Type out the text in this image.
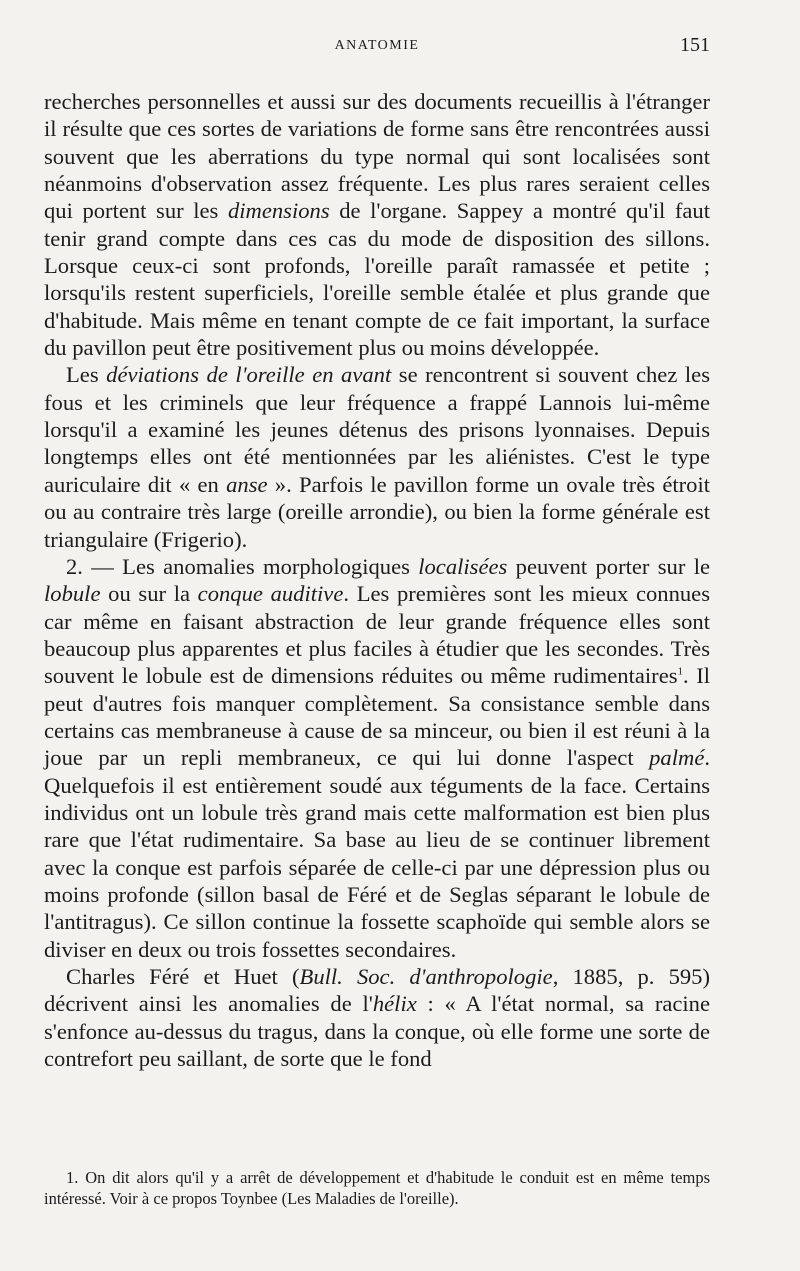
ANATOMIE	151

recherches personnelles et aussi sur des documents recueillis à l'étranger il résulte que ces sortes de variations de forme sans être rencontrées aussi souvent que les aberrations du type normal qui sont localisées sont néanmoins d'observation assez fréquente. Les plus rares seraient celles qui portent sur les dimensions de l'organe. Sappey a montré qu'il faut tenir grand compte dans ces cas du mode de disposition des sillons. Lorsque ceux-ci sont profonds, l'oreille paraît ramassée et petite ; lorsqu'ils restent superficiels, l'oreille semble étalée et plus grande que d'habitude. Mais même en tenant compte de ce fait important, la surface du pavillon peut être positivement plus ou moins développée.

Les déviations de l'oreille en avant se rencontrent si souvent chez les fous et les criminels que leur fréquence a frappé Lannois lui-même lorsqu'il a examiné les jeunes détenus des prisons lyonnaises. Depuis longtemps elles ont été mentionnées par les aliénistes. C'est le type auriculaire dit « en anse ». Parfois le pavillon forme un ovale très étroit ou au contraire très large (oreille arrondie), ou bien la forme générale est triangulaire (Frigerio).

2. — Les anomalies morphologiques localisées peuvent porter sur le lobule ou sur la conque auditive. Les premières sont les mieux connues car même en faisant abstraction de leur grande fréquence elles sont beaucoup plus apparentes et plus faciles à étudier que les secondes. Très souvent le lobule est de dimensions réduites ou même rudimentaires$^1$. Il peut d'autres fois manquer complètement. Sa consistance semble dans certains cas membraneuse à cause de sa minceur, ou bien il est réuni à la joue par un repli membraneux, ce qui lui donne l'aspect palmé. Quelquefois il est entièrement soudé aux téguments de la face. Certains individus ont un lobule très grand mais cette malformation est bien plus rare que l'état rudimentaire. Sa base au lieu de se continuer librement avec la conque est parfois séparée de celle-ci par une dépression plus ou moins profonde (sillon basal de Féré et de Seglas séparant le lobule de l'antitragus). Ce sillon continue la fossette scaphoïde qui semble alors se diviser en deux ou trois fossettes secondaires.

Charles Féré et Huet (Bull. Soc. d'anthropologie, 1885, p. 595) décrivent ainsi les anomalies de l'hélix : « A l'état normal, sa racine s'enfonce au-dessus du tragus, dans la conque, où elle forme une sorte de contrefort peu saillant, de sorte que le fond

1. On dit alors qu'il y a arrêt de développement et d'habitude le conduit est en même temps intéressé. Voir à ce propos Toynbee (Les Maladies de l'oreille).
